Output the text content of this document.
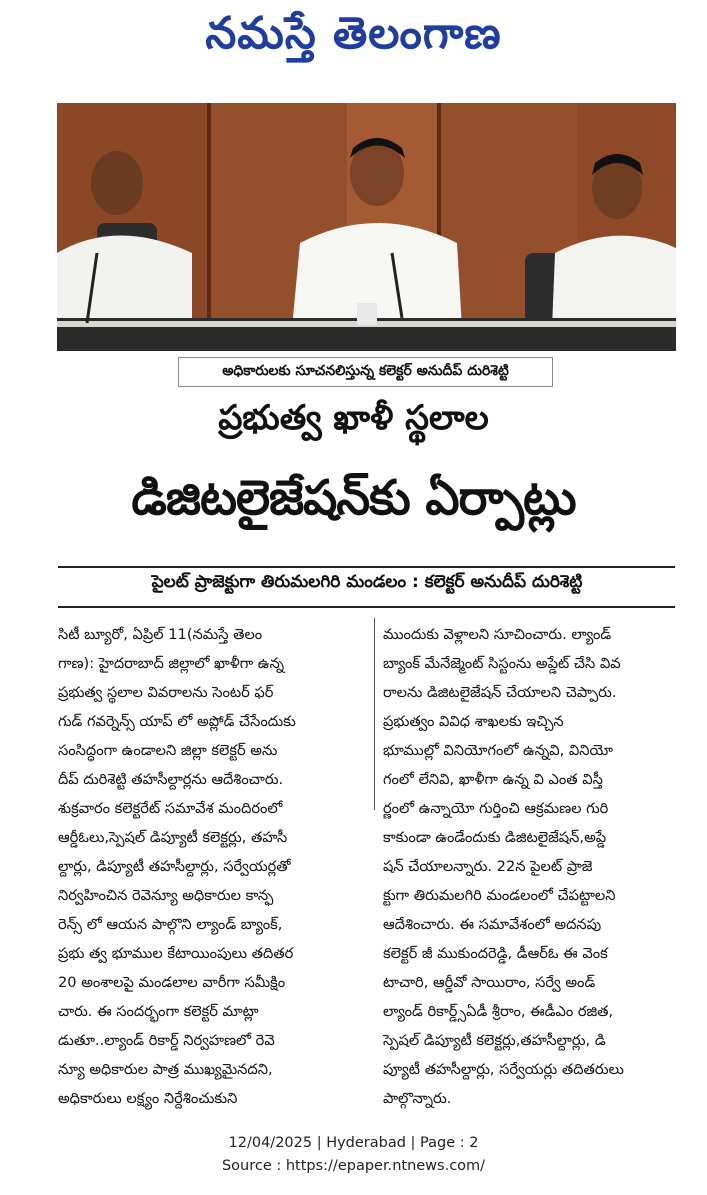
నమస్తే తెలంగాణ
అధికారులకు సూచనలిస్తున్న కలెక్టర్ అనుదీప్ దురిశెట్టి
ప్రభుత్వ ఖాళీ స్థలాల
డిజిటలైజేషన్‌కు ఏర్పాట్లు
పైలట్ ప్రాజెక్టుగా తిరుమలగిరి మండలం : కలెక్టర్ అనుదీప్ దురిశెట్టి
సిటీ బ్యూరో, ఏప్రిల్ 11(నమస్తే తెలం
గాణ): హైదరాబాద్ జిల్లాలో ఖాళీగా ఉన్న
ప్రభుత్వ స్థలాల వివరాలను సెంటర్ ఫర్
గుడ్ గవర్నెన్స్ యాప్ లో అప్లోడ్ చేసేందుకు
సంసిద్ధంగా ఉండాలని జిల్లా కలెక్టర్ అను
దీప్ దురిశెట్టి తహసీల్దార్లను ఆదేశించారు.
శుక్రవారం కలెక్టరేట్ సమావేశ మందిరంలో
ఆర్డీఓలు,స్పెషల్ డిప్యూటీ కలెక్టర్లు, తహసీ
ల్దార్లు, డిప్యూటీ తహసీల్దార్లు, సర్వేయర్లతో
నిర్వహించిన రెవెన్యూ అధికారుల కాన్ఫ
రెన్స్ లో ఆయన పాల్గొని ల్యాండ్ బ్యాంక్,
ప్రభు త్వ భూముల కేటాయింపులు తదితర
20 అంశాలపై మండలాల వారీగా సమీక్షిం
చారు. ఈ సందర్భంగా కలెక్టర్ మాట్లా
డుతూ..ల్యాండ్ రికార్డ్ నిర్వహణలో రెవె
న్యూ అధికారుల పాత్ర ముఖ్యమైనదని,
అధికారులు లక్ష్యం నిర్దేశించుకుని
ముందుకు వెళ్లాలని సూచించారు. ల్యాండ్
బ్యాంక్ మేనేజ్మెంట్ సిస్టంను అప్డేట్ చేసి వివ
రాలను డిజిటలైజేషన్ చేయాలని చెప్పారు.
ప్రభుత్వం వివిధ శాఖలకు ఇచ్చిన
భూముల్లో వినియోగంలో ఉన్నవి, వినియో
గంలో లేనివి, ఖాళీగా ఉన్న వి ఎంత విస్తీ
ర్ణంలో ఉన్నాయో గుర్తించి ఆక్రమణల గురి
కాకుండా ఉండేందుకు డిజిటలైజేషన్,అప్డే
షన్ చేయాలన్నారు. 22న పైలట్ ప్రాజె
క్టుగా తిరుమలగిరి మండలంలో చేపట్టాలని
ఆదేశించారు. ఈ సమావేశంలో అదనపు
కలెక్టర్ జీ ముకుందరెడ్డి, డీఆర్ఓ ఈ వెంక
టాచారి, ఆర్డీవో సాయిరాం, సర్వే అండ్
ల్యాండ్ రికార్డ్స్ఏడీ శ్రీరాం, ఈడీఎం రజిత,
స్పెషల్ డిప్యూటీ కలెక్టర్లు,తహసీల్దార్లు, డి
ప్యూటీ తహసీల్దార్లు, సర్వేయర్లు తదితరులు
పాల్గొన్నారు.
12/04/2025 | Hyderabad | Page : 2
Source : https://epaper.ntnews.com/
